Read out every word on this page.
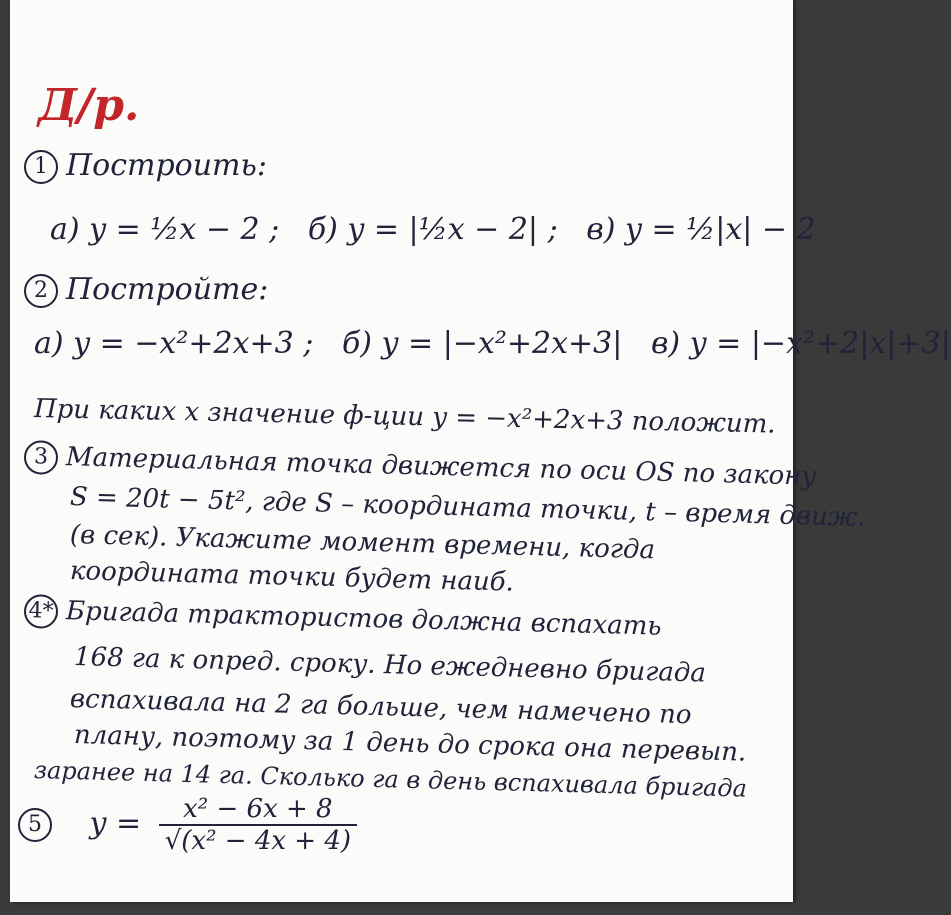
Д/р.
1 Построить:
а) y = ½x − 2 ; б) y = |½x − 2| ; в) y = ½|x| − 2
2 Постройте:
а) y = −x²+2x+3 ; б) y = |−x²+2x+3| в) y = |−x²+2|x|+3|
При каких x значение ф-ции y = −x²+2x+3 положит.
3 Материальная точка движется по оси OS по закону
S = 20t − 5t², где S – координата точки, t – время движ.
(в сек). Укажите момент времени, когда
координата точки будет наиб.
4* Бригада трактористов должна вспахать
168 га к опред. сроку. Но ежедневно бригада
вспахивала на 2 га больше, чем намечено по
плану, поэтому за 1 день до срока она перевып.
заранее на 14 га. Сколько га в день вспахивала бригада
5 $y = \frac{\text{x² − 6x + 8}}{\text{√(x² − 4x + 4)}}$
